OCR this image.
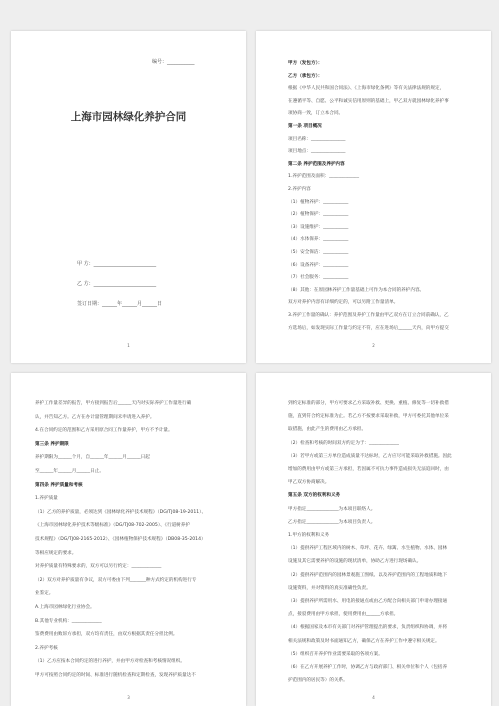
编号：___________
上海市园林绿化养护合同
甲 方：_________________________
乙 方：_________________________
签订日期：______年______月______日
1
甲方（发包方）：
乙方（承包方）：
根据《中华人民共和国合同法》、《上海市绿化条例》等有关法律法规的规定，
在遵循平等、自愿、公平和诚实信用原则的基础上，甲乙双方就园林绿化养护事
项协商一致，订立本合同。
第一条 项目概况
项目名称：_______________
项目地点：_______________
第二条 养护范围及养护内容
1.养护范围及面积：_____________
2.养护内容
（1）植物养护：___________
（2）植物保护：___________
（3）设施维护：___________
（4）水体保养：___________
（5）安全保洁：___________
（6）设备养护：___________
（7）社会服务：___________
（8）其他：在原园林养护工作量基础上可作为本合同的养护内容。
双方对养护内容有详细约定的，可以另附工作量清单。
3.养护工作量的确认：养护范围及养护工作量由甲乙双方在订立合同前确认，乙
方选场后，如发现实际工作量与约定不符，应在进场后______天内，向甲方提交
2
养护工作量差异的报告，甲方接到报告后______天内对实际养护工作量进行确
认，并告知乙方。乙方在办计量管理期间未申请进入养护。
4.在合同约定的范围和乙方采用原合同工作量养护，甲方不予计量。
第三条 养护期限
养护期限为______个月，自______年______月______日起
至______年______月______日止。
第四条 养护质量和考核
1.养护质量
（1）乙方的养护质量，必须达到《园林绿化养护技术规程》（DG/TJ08-19-2011）、
《上海市园林绿化养护技术等级标准》（DG/TJ08-702-2005）、《行道树养护
技术规程》（DG/TJ08-2165-2012）、《园林植物保护技术规程》（DB08-35-2014）
等相应规定的要求。
对养护质量有特殊要求的，双方可以另行约定：_____________
（2）双方对养护质量有争议，双方可委由下列_______种方式约定的机构进行专
业鉴定。
A.上海市园林绿化行业协会。
B.其他专业机构：_____________
鉴费费用由败诉方承担，双方均有责任，由双方根据其责任分担比例。
2.养护考核
（1）乙方应按本合同约定的进行养护，并由甲方对检查和考核情况组织。
甲方可按照合同约定的时间、标准进行随机检查和定期检查，发现养护质量达不
3
到约定标准的部分，甲方可要求乙方采取补救、更换、重植、修复等一切补救措
施，直到符合约定标准为止。若乙方不按要求采取补救，甲方可委托其他单位采
取措施，由此产生的费用由乙方承担。
（2）检查和考核的时间双方约定为于：_____________
（3）若甲方或第三方单位造成质量不达标时，乙方应尽可能采取补救措施。因此
增加的费用由甲方或第三方承担，若因属不可抗力事件造成损失无法追回时，由
甲乙双方协商解决。
第五条 双方的权利和义务
甲方指定______________为本项目联络人。
乙方指定______________为本项目负责人。
1.甲方的权利和义务
（1）提供养护工程区域内的树木、草坪、花卉、绿篱、水生植物、水体、园林
设施及其它需要养护的设施的现状清单，协助乙方进行现场确认。
（2）提供养护范围内的园林景观施工图纸、以及养护范围内的工程地质和地下
设施资料，并对资料的真实准确性负责。
（3）提供养护所需用水、用电的接通点或由乙方配合向相关部门申请办理接通
点，接驳费用由甲方承担，使用费用由______方承担。
（4）根据国家及本市有关部门对养护管理提出的要求，负责组织和协调，并将
相关法规和政策及时书面通知乙方，确保乙方在养护工作中遵守相关规定。
（5）组织召开养护作业需要采取的各项方案。
（6）在乙方开展养护工作时，协调乙方与政府部门、相关单位和个人（包括养
护范围内的居民等）的关系。
4
